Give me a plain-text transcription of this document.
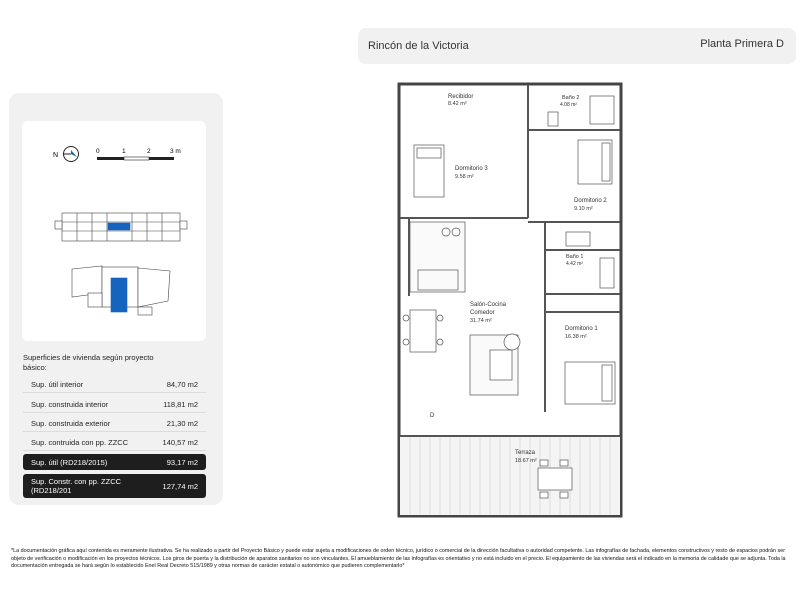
Rincón de la Victoria	Planta Primera D
N
0	1	2	3 m
Superficies de vivienda según proyecto básico:
Sup. útil interior	84,70 m2
Sup. construida interior	118,81 m2
Sup. construida exterior	21,30 m2
Sup. contruida con pp. ZZCC	140,57 m2
Sup. útil (RD218/2015)	93,17 m2
Sup. Constr. con pp. ZZCC (RD218/201	127,74 m2
D
Recibidor
8.42 m²
Baño 2
4.08 m²
Dormitorio 3
9.58 m²
Dormitorio 2
9.10 m²
Baño 1
4.42 m²
Salón-Cocina
Comedor
31.74 m²
Dormitorio 1
16.38 m²
Terraza
18.67 m²
*La documentación gráfica aquí contenida es meramente ilustrativa. Se ha realizado a partir del Proyecto Básico y puede estar sujeta a modificaciones de orden técnico, jurídico o comercial de la dirección facultativa o autoridad competente. Las infografías de fachada, elementos constructivos y resto de espacios podrán ser objeto de verificación o modificación en los proyectos técnicos. Los giros de puerta y la distribución de aparatos sanitarios no son vinculantes. El amueblamiento de las infografías es orientativo y no está incluido en el precio. El equipamiento de las viviendas será el indicado en la memoria de calidade que se adjunta. Toda la documentación entregada se hará según lo establecido Enel Real Decreto 515/1989 y otras normas de carácter estatal o autonómico que pudieren complementarlo*
